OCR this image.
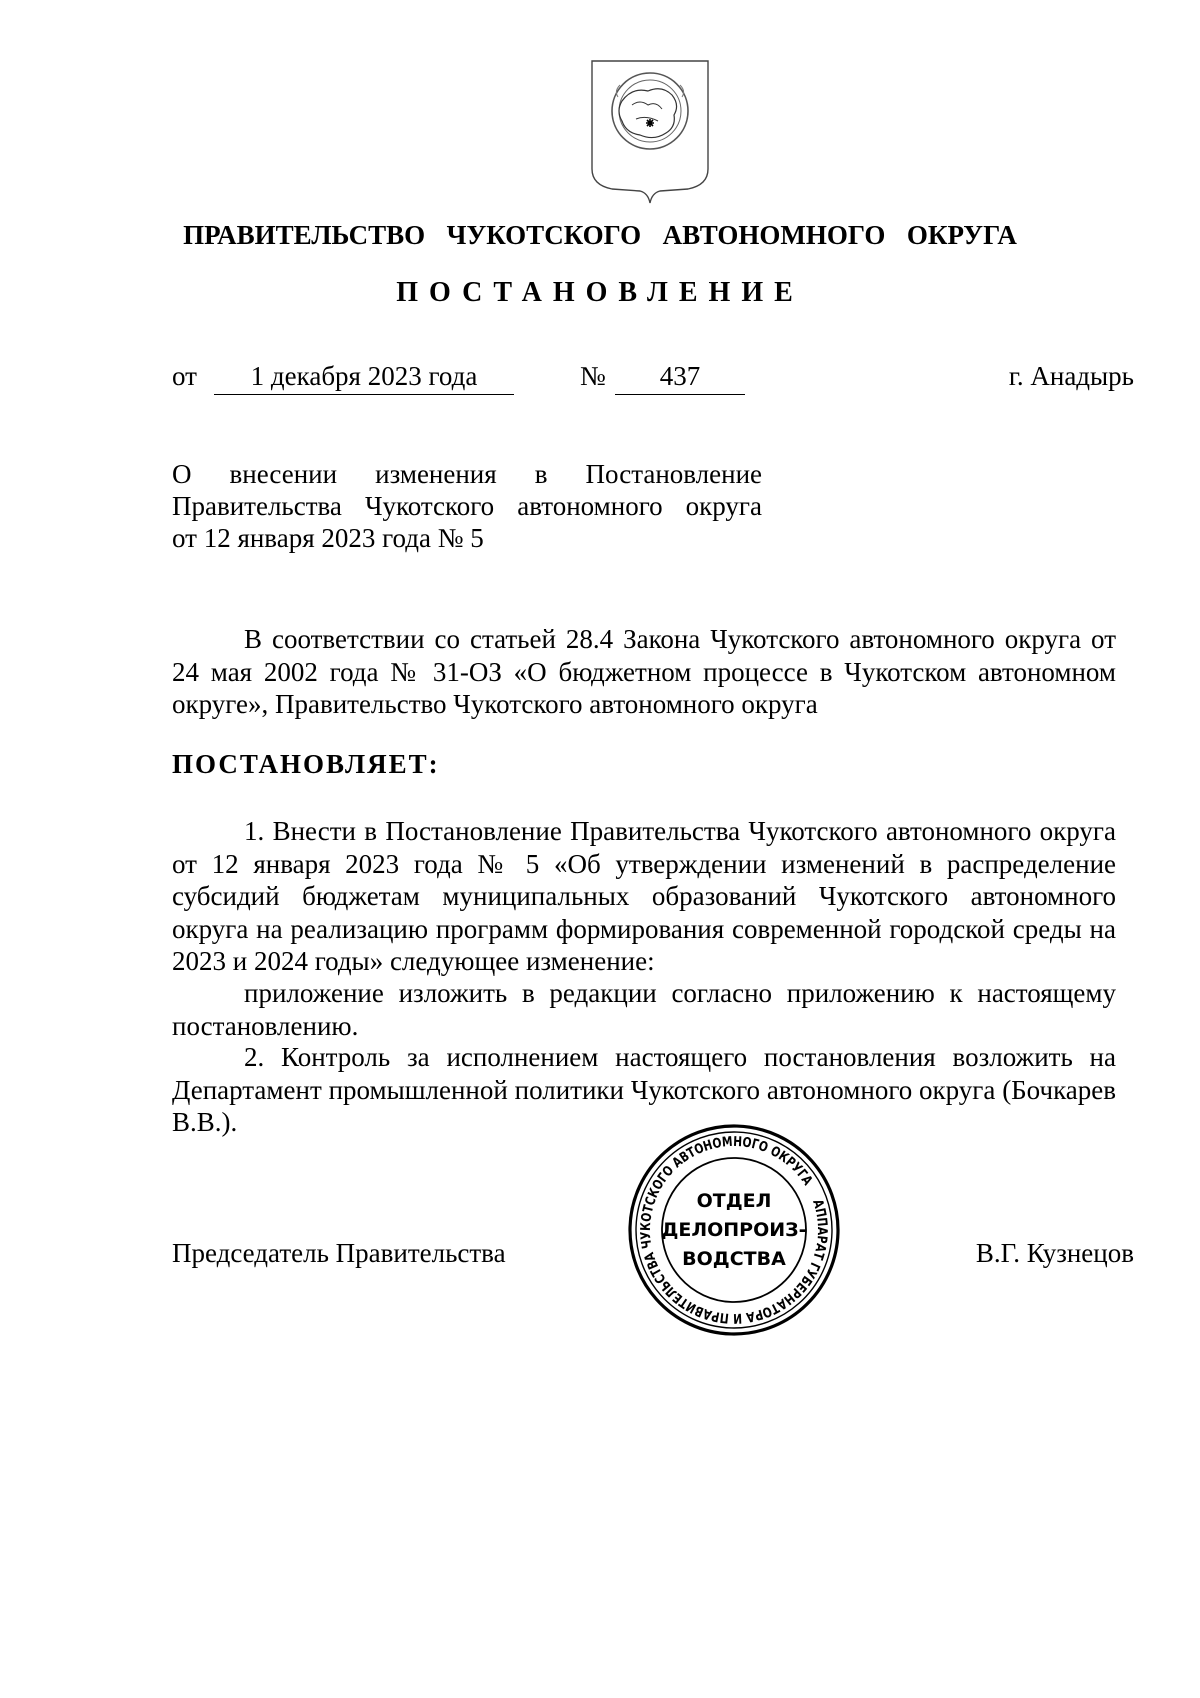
ПРАВИТЕЛЬСТВО  ЧУКОТСКОГО  АВТОНОМНОГО  ОКРУГА
ПОСТАНОВЛЕНИЕ
от	1 декабря 2023 года	№	437	г. Анадырь
О внесении изменения в Постановление
Правительства Чукотского автономного округа
от 12 января 2023 года № 5
В соответствии со статьей 28.4 Закона Чукотского автономного округа от 24 мая 2002 года № 31-ОЗ «О бюджетном процессе в Чукотском автономном округе», Правительство Чукотского автономного округа
ПОСТАНОВЛЯЕТ:
1. Внести в Постановление Правительства Чукотского автономного округа от 12 января 2023 года № 5 «Об утверждении изменений в распределение субсидий бюджетам муниципальных образований Чукотского автономного округа на реализацию программ формирования современной городской среды на 2023 и 2024 годы» следующее изменение:
приложение изложить в редакции согласно приложению к настоящему постановлению.
2. Контроль за исполнением настоящего постановления возложить на Департамент промышленной политики Чукотского автономного округа (Бочкарев В.В.).
АППАРАТ ГУБЕРНАТОРА И ПРАВИТЕЛЬСТВА ЧУКОТСКОГО АВТОНОМНОГО ОКРУГА
ОТДЕЛ
ДЕЛОПРОИЗ-
ВОДСТВА
Председатель Правительства	В.Г. Кузнецов
